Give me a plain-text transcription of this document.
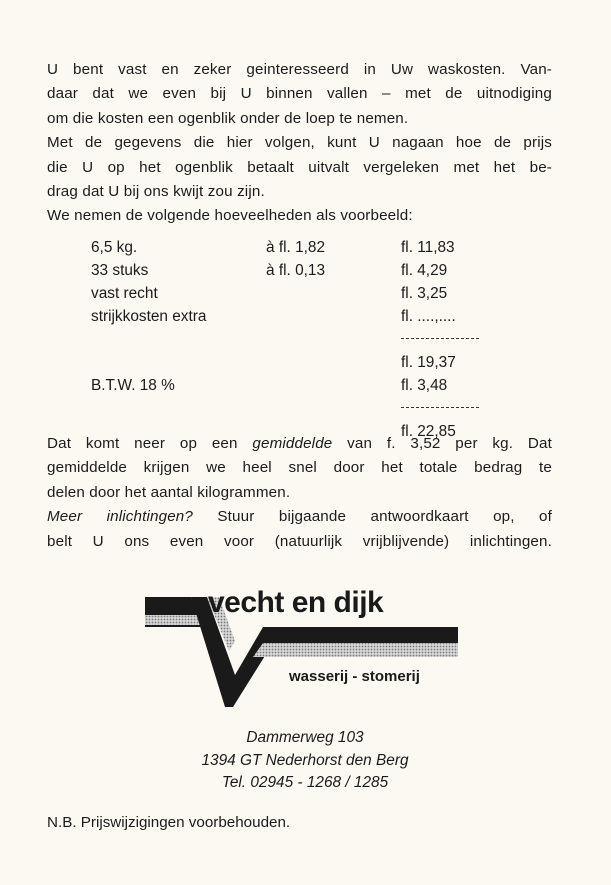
U bent vast en zeker geinteresseerd in Uw waskosten. Van-
daar dat we even bij U binnen vallen – met de uitnodiging
om die kosten een ogenblik onder de loep te nemen.
Met de gegevens die hier volgen, kunt U nagaan hoe de prijs
die U op het ogenblik betaalt uitvalt vergeleken met het be-
drag dat U bij ons kwijt zou zijn.
We nemen de volgende hoeveelheden als voorbeeld:
6,5 kg.	à fl. 1,82	fl. 11,83
33 stuks	à fl. 0,13	fl. 4,29
vast recht		fl. 3,25
strijkkosten extra		fl. ....,....

		fl. 19,37
B.T.W. 18 %		fl. 3,48

		fl. 22,85
Dat komt neer op een gemiddelde van f. 3,52 per kg. Dat
gemiddelde krijgen we heel snel door het totale bedrag te
delen door het aantal kilogrammen.
Meer inlichtingen? Stuur bijgaande antwoordkaart op, of
belt U ons even voor (natuurlijk vrijblijvende) inlichtingen.
vecht en dijk
wasserij - stomerij
Dammerweg 103
1394 GT Nederhorst den Berg
Tel. 02945 - 1268 / 1285
N.B. Prijswijzigingen voorbehouden.
